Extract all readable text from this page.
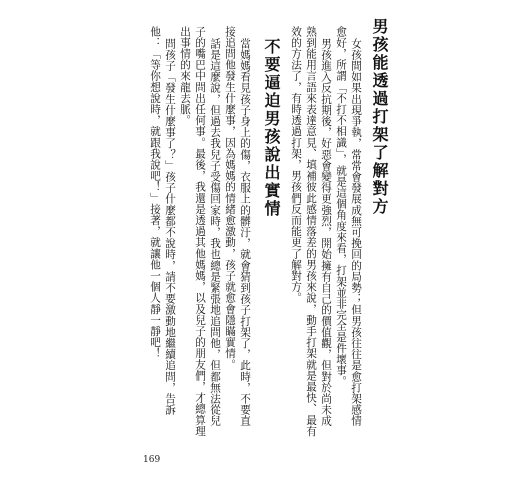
男孩能透過打架了解對方
女孩間如果出現爭執，常常會發展成無可挽回的局勢；但男孩往往是愈打架感情
愈好，所謂「不打不相識」，就是這個角度來看，打架並非完全是件壞事。
男孩進入反抗期後，好惡會變得更強烈，開始擁有自己的價值觀，但對於尚未成
熟到能用言語來表達意見、填補彼此感情落差的男孩來說，動手打架就是最快、最有
效的方法了，有時透過打架，男孩們反而能更了解對方。
不要逼迫男孩說出實情
當媽媽看見孩子身上的傷，衣服上的髒汙，就會猜到孩子打架了，此時，不要直
接追問他發生什麼事，因為媽媽的情緒愈激動，孩子就愈會隱瞞實情。
話是這麼說，但過去我兒子受傷回家時，我也總是緊張地追問他，但都無法從兒
子的嘴巴中問出任何事。最後，我還是透過其他媽媽，以及兒子的朋友們，才總算理
出事情的來龍去脈。
問孩子「發生什麼事了？」孩子什麼都不說時，請不要激動地繼續追問，告訴
他：「等你想說時，就跟我說吧！」接著，就讓他一個人靜一靜吧！
169
